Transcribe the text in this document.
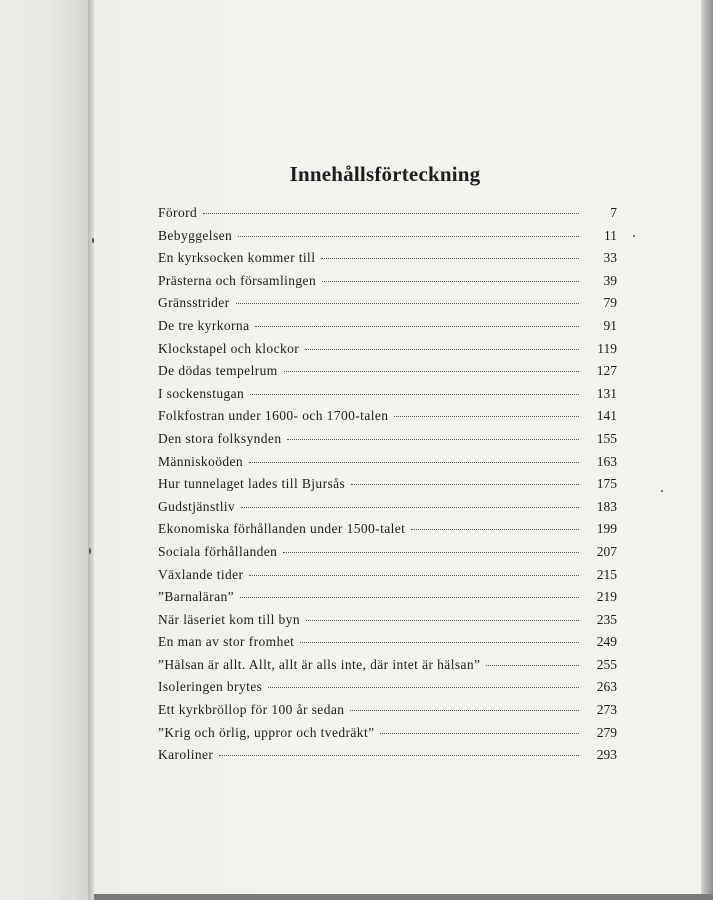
Innehållsförteckning
Förord	7
Bebyggelsen	11
En kyrksocken kommer till	33
Prästerna och församlingen	39
Gränsstrider	79
De tre kyrkorna	91
Klockstapel och klockor	119
De dödas tempelrum	127
I sockenstugan	131
Folkfostran under 1600- och 1700-talen	141
Den stora folksynden	155
Människoöden	163
Hur tunnelaget lades till Bjursås	175
Gudstjänstliv	183
Ekonomiska förhållanden under 1500-talet	199
Sociala förhållanden	207
Växlande tider	215
”Barnaläran”	219
När läseriet kom till byn	235
En man av stor fromhet	249
”Hälsan är allt. Allt, allt är alls inte, där intet är hälsan”	255
Isoleringen brytes	263
Ett kyrkbröllop för 100 år sedan	273
”Krig och örlig, uppror och tvedräkt”	279
Karoliner	293
